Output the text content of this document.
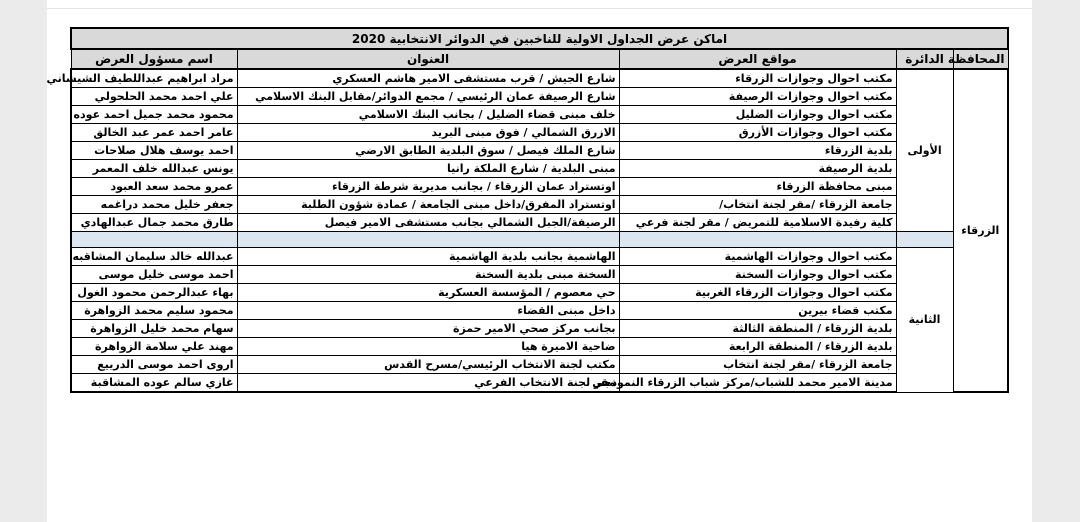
اماكن عرض الجداول الاولية للناخبين في الدوائر الانتخابية 2020				
المحافظة	الدائرة	مواقع العرض	العنوان	اسم مسؤول العرض
الزرقاء	الأولى	مكتب احوال وجوازات الزرقاء	شارع الجيش / قرب مستشفى الامير هاشم العسكري	مراد ابراهيم عبداللطيف الشيشاني
		مكتب احوال وجوازات الرصيفة	شارع الرصيفة عمان الرئيسي / مجمع الدوائر/مقابل البنك الاسلامي	علي احمد محمد الحلحولي
		مكتب احوال وجوازات الضليل	خلف مبنى قضاء الضليل / بجانب البنك الاسلامي	محمود محمد جميل احمد عوده
		مكتب احوال وجوازات الأزرق	الازرق الشمالي / فوق مبنى البريد	عامر احمد عمر عبد الخالق
		بلدية الزرقاء	شارع الملك فيصل / سوق البلدية الطابق الارضي	احمد يوسف هلال صلاحات
		بلدية الرصيفة	مبنى البلدية / شارع الملكة رانيا	يونس عبدالله خلف المعمر
		مبنى محافظة الزرقاء	اوتستراد عمان الزرقاء / بجانب مديرية شرطة الزرقاء	عمرو محمد سعد العبود
		جامعة الزرقاء /مقر لجنة انتخاب/	اوتستراد المفرق/داخل مبنى الجامعة / عمادة شؤون الطلبة	جعفر خليل محمد دراغمه
		كلية رفيدة الاسلامية للتمريض / مقر لجنة فرعي	الرصيفة/الجبل الشمالي بجانب مستشفى الامير فيصل	طارق محمد جمال عبدالهادي

	الثانية	مكتب احوال وجوازات الهاشمية	الهاشمية بجانب بلدية الهاشمية	عبدالله خالد سليمان المشاقبه
		مكتب احوال وجوازات السخنة	السخنة مبنى بلدية السخنة	احمد موسى خليل موسى
		مكتب احوال وجوازات الزرقاء الغربية	حي معصوم / المؤسسة العسكرية	بهاء عبدالرحمن محمود الغول
		مكتب قضاء بيرين	داخل مبنى القضاء	محمود سليم محمد الزواهرة
		بلدية الزرقاء / المنطقة الثالثة	بجانب مركز صحي الامير حمزة	سهام محمد خليل الزواهرة
		بلدية الزرقاء / المنطقة الرابعة	ضاحية الاميرة هيا	مهند علي سلامة الزواهرة
		جامعة الزرقاء /مقر لجنة انتخاب	مكتب لجنة الانتخاب الرئيسي/مسرح القدس	اروى احمد موسى الدرييع
		مدينة الامير محمد للشباب/مركز شباب الزرقاء النموذجي	مقر لجنة الانتخاب الفرعي	غازي سالم عوده المشاقبة
